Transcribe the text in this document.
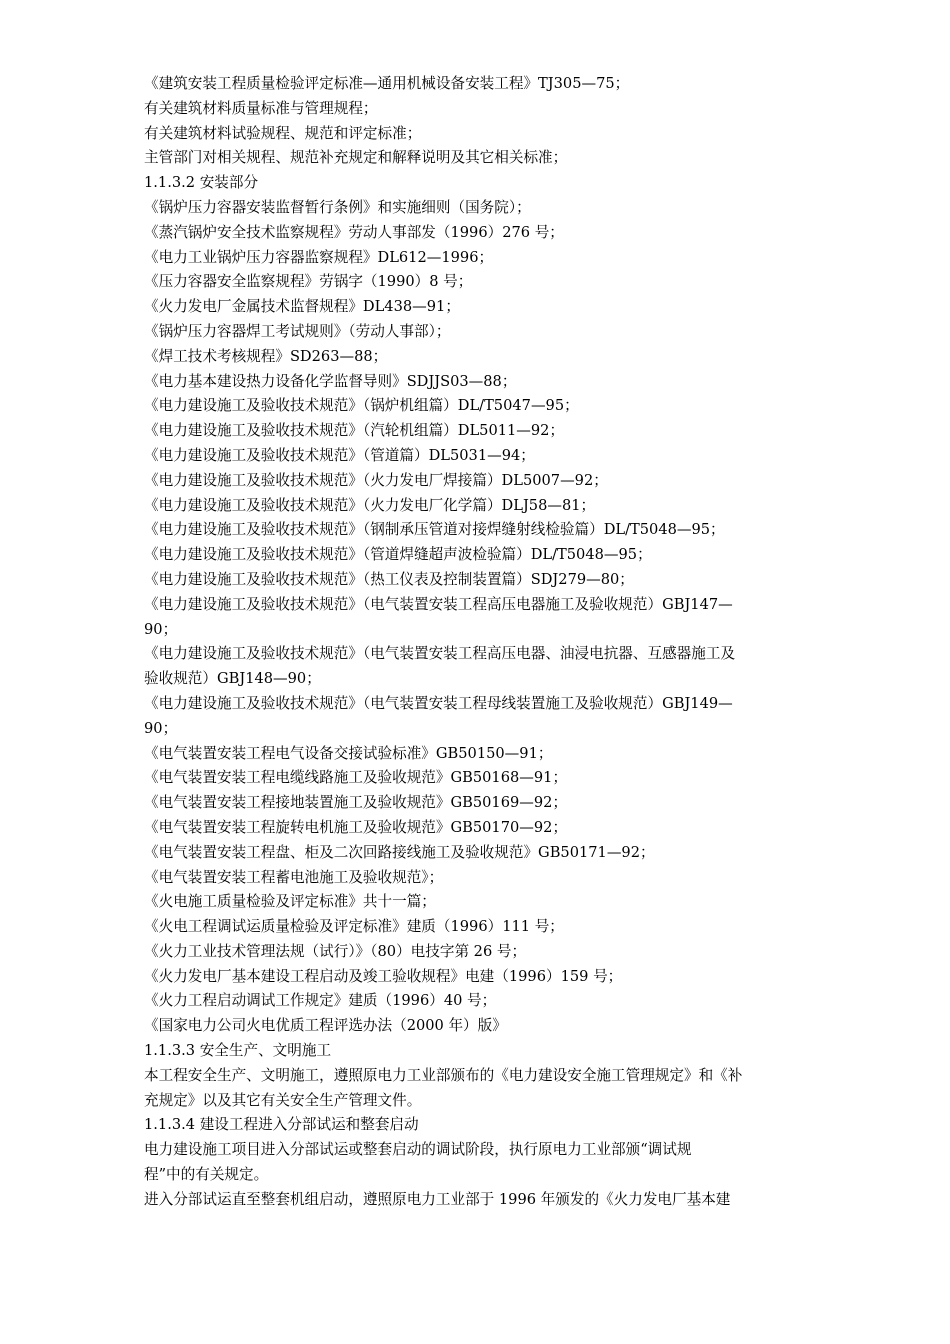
《建筑安装工程质量检验评定标准—通用机械设备安装工程》TJ305—75；
有关建筑材料质量标准与管理规程；
有关建筑材料试验规程、规范和评定标准；
主管部门对相关规程、规范补充规定和解释说明及其它相关标准；
1.1.3.2 安装部分
《锅炉压力容器安装监督暂行条例》和实施细则（国务院）；
《蒸汽锅炉安全技术监察规程》劳动人事部发（1996）276 号；
《电力工业锅炉压力容器监察规程》DL612—1996；
《压力容器安全监察规程》劳锅字（1990）8 号；
《火力发电厂金属技术监督规程》DL438—91；
《锅炉压力容器焊工考试规则》（劳动人事部）；
《焊工技术考核规程》SD263—88；
《电力基本建设热力设备化学监督导则》SDJJS03—88；
《电力建设施工及验收技术规范》（锅炉机组篇）DL/T5047—95；
《电力建设施工及验收技术规范》（汽轮机组篇）DL5011—92；
《电力建设施工及验收技术规范》（管道篇）DL5031—94；
《电力建设施工及验收技术规范》（火力发电厂焊接篇）DL5007—92；
《电力建设施工及验收技术规范》（火力发电厂化学篇）DLJ58—81；
《电力建设施工及验收技术规范》（钢制承压管道对接焊缝射线检验篇）DL/T5048—95；
《电力建设施工及验收技术规范》（管道焊缝超声波检验篇）DL/T5048—95；
《电力建设施工及验收技术规范》（热工仪表及控制装置篇）SDJ279—80；
《电力建设施工及验收技术规范》（电气装置安装工程高压电器施工及验收规范）GBJ147—
90；
《电力建设施工及验收技术规范》（电气装置安装工程高压电器、油浸电抗器、互感器施工及
验收规范）GBJ148—90；
《电力建设施工及验收技术规范》（电气装置安装工程母线装置施工及验收规范）GBJ149—
90；
《电气装置安装工程电气设备交接试验标准》GB50150—91；
《电气装置安装工程电缆线路施工及验收规范》GB50168—91；
《电气装置安装工程接地装置施工及验收规范》GB50169—92；
《电气装置安装工程旋转电机施工及验收规范》GB50170—92；
《电气装置安装工程盘、柜及二次回路接线施工及验收规范》GB50171—92；
《电气装置安装工程蓄电池施工及验收规范》；
《火电施工质量检验及评定标准》共十一篇；
《火电工程调试运质量检验及评定标准》建质（1996）111 号；
《火力工业技术管理法规（试行）》（80）电技字第 26 号；
《火力发电厂基本建设工程启动及竣工验收规程》电建（1996）159 号；
《火力工程启动调试工作规定》建质（1996）40 号；
《国家电力公司火电优质工程评选办法（2000 年）版》
1.1.3.3 安全生产、文明施工
本工程安全生产、文明施工，遵照原电力工业部颁布的《电力建设安全施工管理规定》和《补
充规定》以及其它有关安全生产管理文件。
1.1.3.4 建设工程进入分部试运和整套启动
电力建设施工项目进入分部试运或整套启动的调试阶段，执行原电力工业部颁“调试规
程”中的有关规定。
进入分部试运直至整套机组启动，遵照原电力工业部于 1996 年颁发的《火力发电厂基本建
